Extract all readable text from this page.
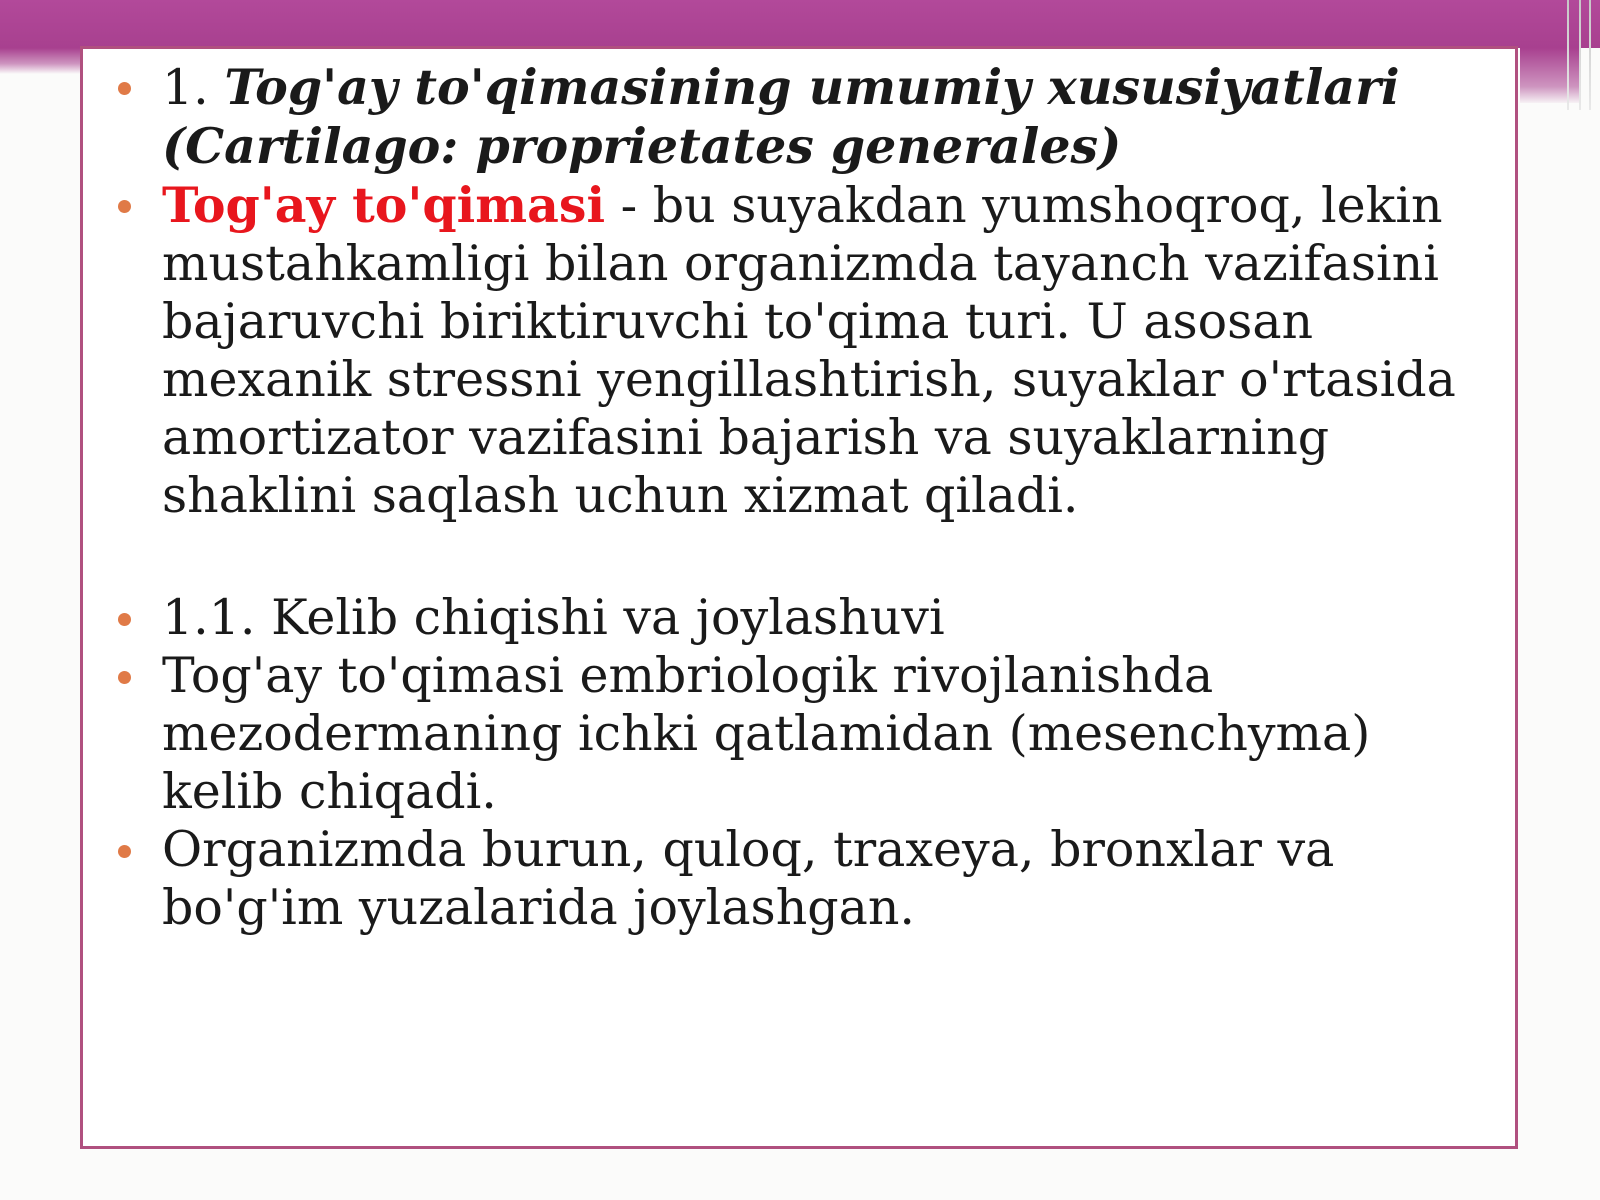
1. Tog'ay to'qimasining umumiy xususiyatlari (Cartilago: proprietates generales)
Tog'ay to'qimasi - bu suyakdan yumshoqroq, lekin mustahkamligi bilan organizmda tayanch vazifasini bajaruvchi biriktiruvchi to'qima turi. U asosan mexanik stressni yengillashtirish, suyaklar o'rtasida amortizator vazifasini bajarish va suyaklarning shaklini saqlash uchun xizmat qiladi.
1.1. Kelib chiqishi va joylashuvi
Tog'ay to'qimasi embriologik rivojlanishda mezodermaning ichki qatlamidan (mesenchyma) kelib chiqadi.
Organizmda burun, quloq, traxeya, bronxlar va bo'g'im yuzalarida joylashgan.
